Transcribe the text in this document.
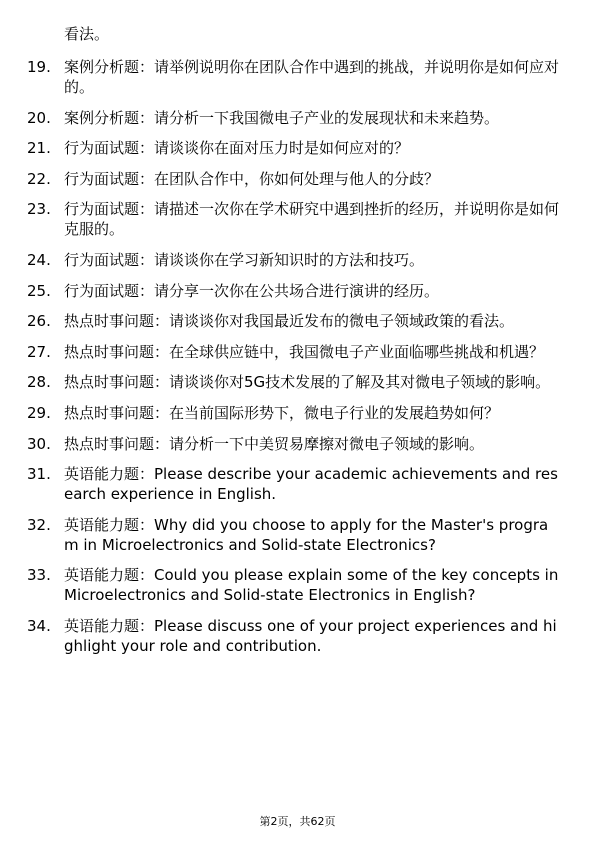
看法。

19. 案例分析题：请举例说明你在团队合作中遇到的挑战，并说明你是如何应对的。
20. 案例分析题：请分析一下我国微电子产业的发展现状和未来趋势。
21. 行为面试题：请谈谈你在面对压力时是如何应对的？
22. 行为面试题：在团队合作中，你如何处理与他人的分歧？
23. 行为面试题：请描述一次你在学术研究中遇到挫折的经历，并说明你是如何克服的。
24. 行为面试题：请谈谈你在学习新知识时的方法和技巧。
25. 行为面试题：请分享一次你在公共场合进行演讲的经历。
26. 热点时事问题：请谈谈你对我国最近发布的微电子领域政策的看法。
27. 热点时事问题：在全球供应链中，我国微电子产业面临哪些挑战和机遇？
28. 热点时事问题：请谈谈你对5G技术发展的了解及其对微电子领域的影响。
29. 热点时事问题：在当前国际形势下，微电子行业的发展趋势如何？
30. 热点时事问题：请分析一下中美贸易摩擦对微电子领域的影响。
31. 英语能力题：Please describe your academic achievements and research experience in English.
32. 英语能力题：Why did you choose to apply for the Master's program in Microelectronics and Solid-state Electronics?
33. 英语能力题：Could you please explain some of the key concepts in Microelectronics and Solid-state Electronics in English?
34. 英语能力题：Please discuss one of your project experiences and highlight your role and contribution.
第2页，共62页
